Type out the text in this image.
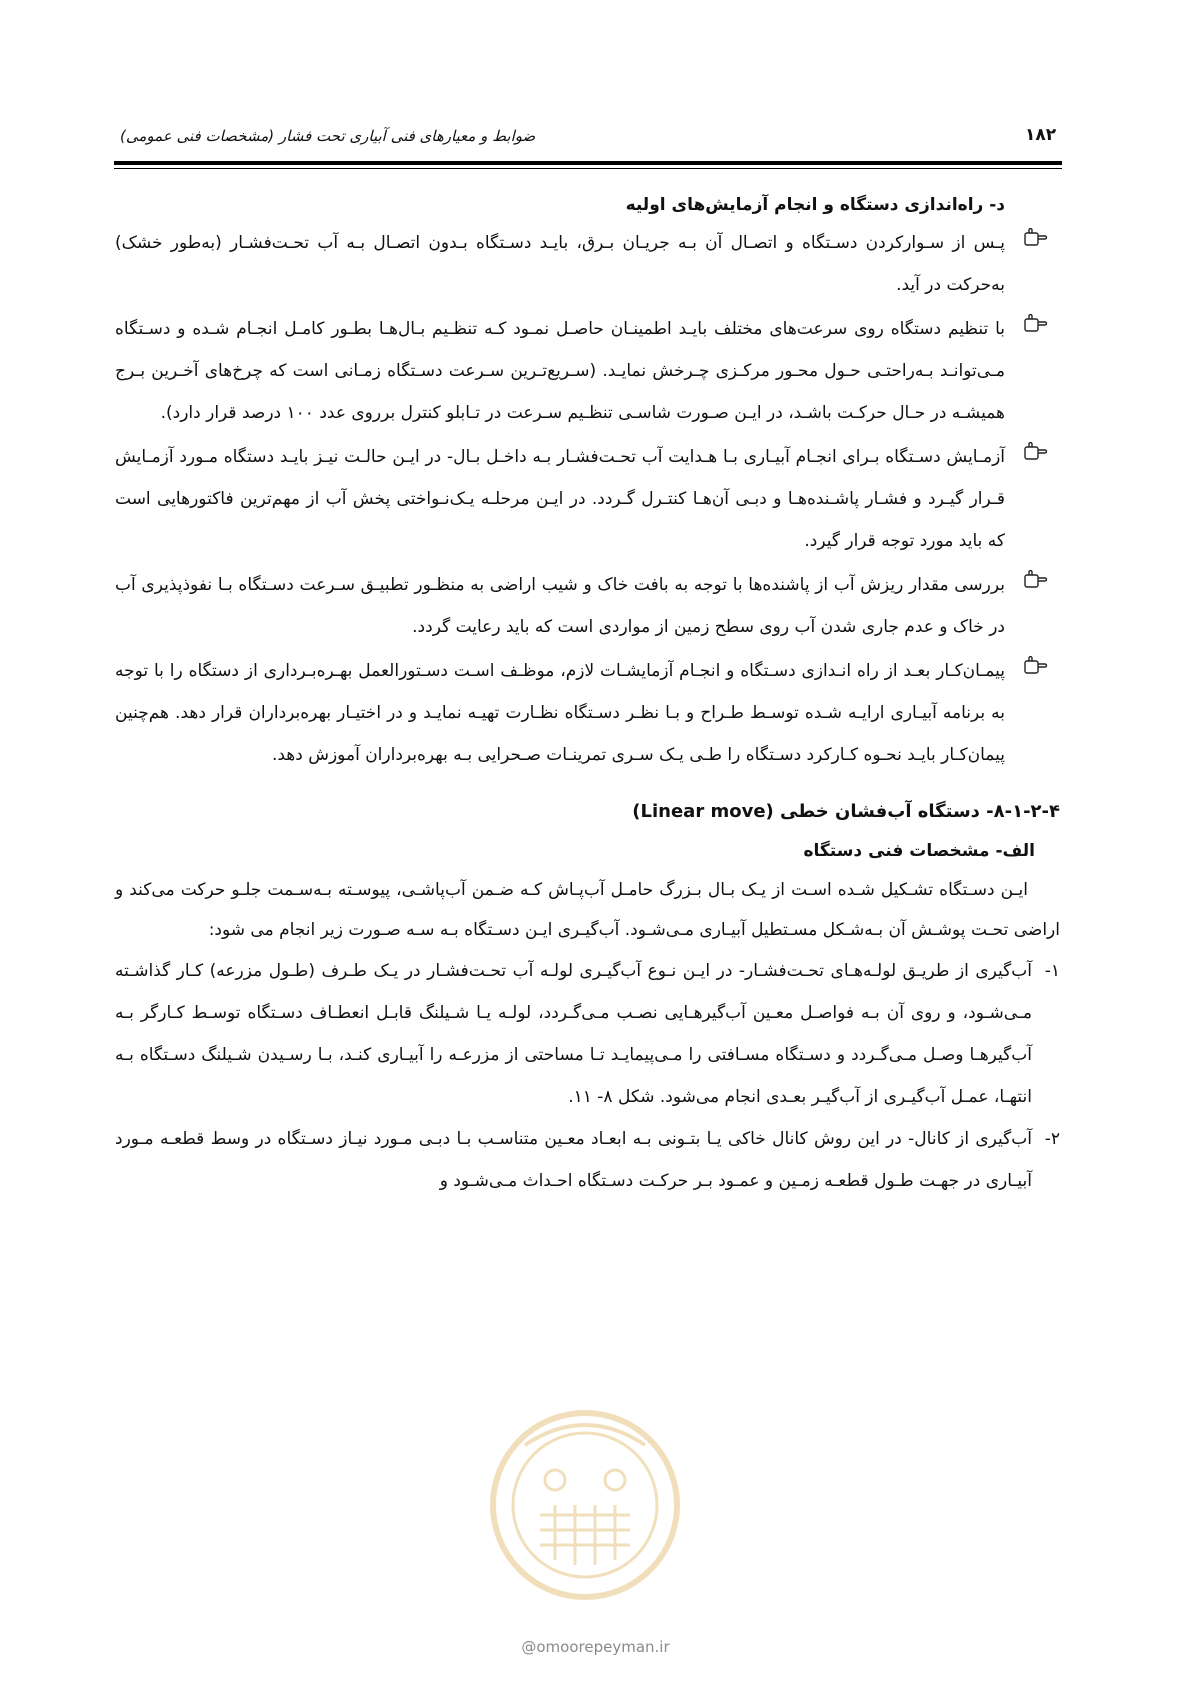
۱۸۲
ضوابط و معیارهای فنی آبیاری تحت فشار (مشخصات فنی عمومی)
د- راه‌اندازی دستگاه و انجام آزمایش‌های اولیه
پـس از سـوارکردن دسـتگاه و اتصـال آن بـه جریـان بـرق، بایـد دسـتگاه بـدون اتصـال بـه آب تحـت‌فشـار (به‌طور خشک) به‌حرکت در آید.
با تنظیم دستگاه روی سرعت‌های مختلف بایـد اطمینـان حاصـل نمـود کـه تنظـیم بـال‌هـا بطـور کامـل انجـام شـده و دسـتگاه مـی‌توانـد بـه‌راحتـی حـول محـور مرکـزی چـرخش نمایـد. (سـریع‌تـرین سـرعت دسـتگاه زمـانی است که چرخ‌های آخـرین بـرج همیشـه در حـال حرکـت باشـد، در ایـن صـورت شاسـی تنظـیم سـرعت در تـابلو کنترل برروی عدد ۱۰۰ درصد قرار دارد).
آزمـایش دسـتگاه بـرای انجـام آبیـاری بـا هـدایت آب تحـت‌فشـار بـه داخـل بـال- در ایـن حالـت نیـز بایـد دستگاه مـورد آزمـایش قـرار گیـرد و فشـار پاشـنده‌هـا و دبـی آن‌هـا کنتـرل گـردد. در ایـن مرحلـه یـک‌نـواختی پخش آب از مهم‌ترین فاکتورهایی است که باید مورد توجه قرار گیرد.
بررسی مقدار ریزش آب از پاشنده‌ها با توجه به بافت خاک و شیب اراضی به منظـور تطبیـق سـرعت دسـتگاه بـا نفوذپذیری آب در خاک و عدم جاری شدن آب روی سطح زمین از مواردی است که باید رعایت گردد.
پیمـان‌کـار بعـد از راه انـدازی دسـتگاه و انجـام آزمایشـات لازم، موظـف اسـت دسـتورالعمل بهـره‌بـرداری از دستگاه را با توجه به برنامه آبیـاری ارایـه شـده توسـط طـراح و بـا نظـر دسـتگاه نظـارت تهیـه نمایـد و در اختیـار بهره‌برداران قرار دهد. هم‌چنین پیمان‌کـار بایـد نحـوه کـارکرد دسـتگاه را طـی یـک سـری تمرینـات صـحرایی بـه بهره‌برداران آموزش دهد.
۸-۱-۲-۴- دستگاه آب‌فشان خطی (Linear move)
الف- مشخصات فنی دستگاه

ایـن دسـتگاه تشـکیل شـده اسـت از یـک بـال بـزرگ حامـل آب‌پـاش کـه ضـمن آب‌پاشـی، پیوسـته بـه‌سـمت جلـو حرکت می‌کند و اراضی تحـت پوشـش آن بـه‌شـکل مسـتطیل آبیـاری مـی‌شـود. آب‌گیـری ایـن دسـتگاه بـه سـه صـورت زیر انجام می شود:

۱-
آب‌گیری از طریـق لولـه‌هـای تحـت‌فشـار- در ایـن نـوع آب‌گیـری لولـه آب تحـت‌فشـار در یـک طـرف (طـول مزرعه) کـار گذاشـته مـی‌شـود، و روی آن بـه فواصـل معـین آب‌گیرهـایی نصـب مـی‌گـردد، لولـه یـا شـیلنگ قابـل انعطـاف دسـتگاه توسـط کـارگر بـه آب‌گیرهـا وصـل مـی‌گـردد و دسـتگاه مسـافتی را مـی‌پیمایـد تـا مساحتی از مزرعـه را آبیـاری کنـد، بـا رسـیدن شـیلنگ دسـتگاه بـه انتهـا، عمـل آب‌گیـری از آب‌گیـر بعـدی انجام می‌شود. شکل ۸- ۱۱.
۲-
آب‌گیری از کانال- در این روش کانال خاکی یـا بتـونی بـه ابعـاد معـین متناسـب بـا دبـی مـورد نیـاز دسـتگاه در وسط قطعـه مـورد آبیـاری در جهـت طـول قطعـه زمـین و عمـود بـر حرکـت دسـتگاه احـداث مـی‌شـود و
@omoorepeyman.ir
